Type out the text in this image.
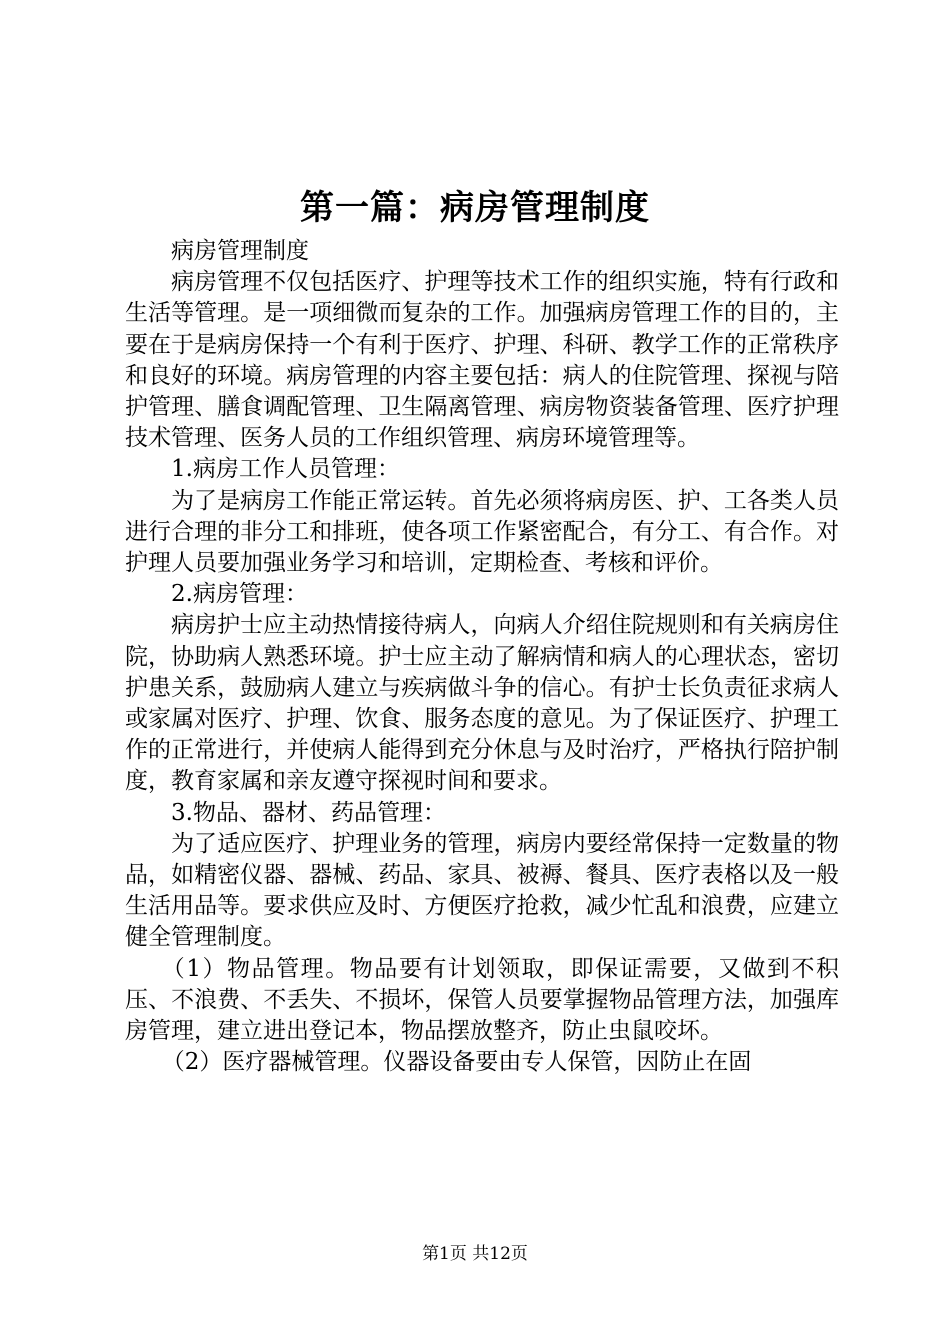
第一篇：病房管理制度

病房管理制度

病房管理不仅包括医疗、护理等技术工作的组织实施，特有行政和生活等管理。是一项细微而复杂的工作。加强病房管理工作的目的，主要在于是病房保持一个有利于医疗、护理、科研、教学工作的正常秩序和良好的环境。病房管理的内容主要包括：病人的住院管理、探视与陪护管理、膳食调配管理、卫生隔离管理、病房物资装备管理、医疗护理技术管理、医务人员的工作组织管理、病房环境管理等。

1.病房工作人员管理：

为了是病房工作能正常运转。首先必须将病房医、护、工各类人员进行合理的非分工和排班，使各项工作紧密配合，有分工、有合作。对护理人员要加强业务学习和培训，定期检查、考核和评价。

2.病房管理：

病房护士应主动热情接待病人，向病人介绍住院规则和有关病房住院，协助病人熟悉环境。护士应主动了解病情和病人的心理状态，密切护患关系，鼓励病人建立与疾病做斗争的信心。有护士长负责征求病人或家属对医疗、护理、饮食、服务态度的意见。为了保证医疗、护理工作的正常进行，并使病人能得到充分休息与及时治疗，严格执行陪护制度，教育家属和亲友遵守探视时间和要求。

3.物品、器材、药品管理：

为了适应医疗、护理业务的管理，病房内要经常保持一定数量的物品，如精密仪器、器械、药品、家具、被褥、餐具、医疗表格以及一般生活用品等。要求供应及时、方便医疗抢救，减少忙乱和浪费，应建立健全管理制度。

（1）物品管理。物品要有计划领取，即保证需要，又做到不积压、不浪费、不丢失、不损坏，保管人员要掌握物品管理方法，加强库房管理，建立进出登记本，物品摆放整齐，防止虫鼠咬坏。

（2）医疗器械管理。仪器设备要由专人保管，因防止在固

第1页 共12页
